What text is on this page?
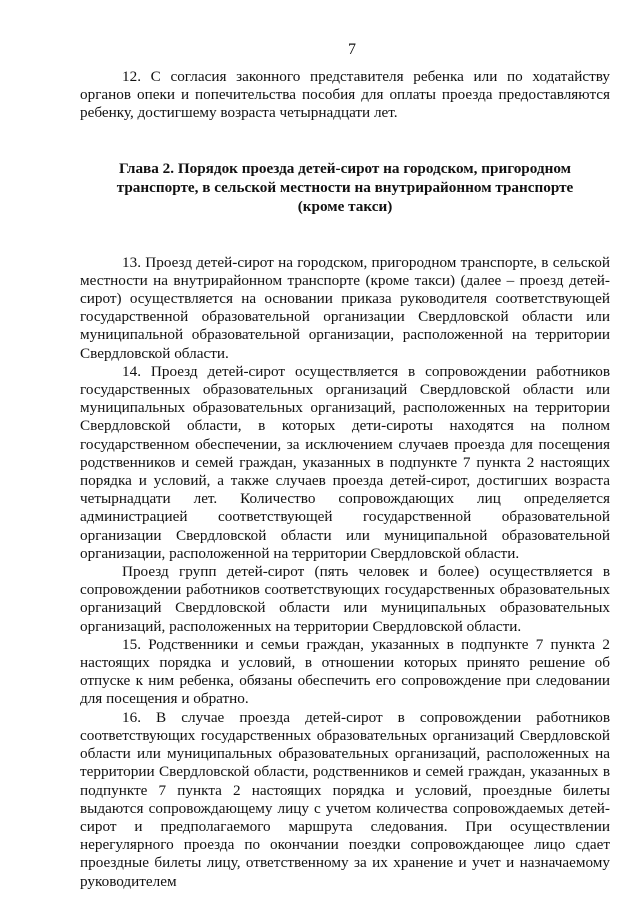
7

12. С согласия законного представителя ребенка или по ходатайству органов опеки и попечительства пособия для оплаты проезда предоставляются ребенку, достигшему возраста четырнадцати лет.

Глава 2. Порядок проезда детей-сирот на городском, пригородном транспорте, в сельской местности на внутрирайонном транспорте (кроме такси)

13. Проезд детей-сирот на городском, пригородном транспорте, в сельской местности на внутрирайонном транспорте (кроме такси) (далее – проезд детей-сирот) осуществляется на основании приказа руководителя соответствующей государственной образовательной организации Свердловской области или муниципальной образовательной организации, расположенной на территории Свердловской области.

14. Проезд детей-сирот осуществляется в сопровождении работников государственных образовательных организаций Свердловской области или муниципальных образовательных организаций, расположенных на территории Свердловской области, в которых дети-сироты находятся на полном государственном обеспечении, за исключением случаев проезда для посещения родственников и семей граждан, указанных в подпункте 7 пункта 2 настоящих порядка и условий, а также случаев проезда детей-сирот, достигших возраста четырнадцати лет. Количество сопровождающих лиц определяется администрацией соответствующей государственной образовательной организации Свердловской области или муниципальной образовательной организации, расположенной на территории Свердловской области.

Проезд групп детей-сирот (пять человек и более) осуществляется в сопровождении работников соответствующих государственных образовательных организаций Свердловской области или муниципальных образовательных организаций, расположенных на территории Свердловской области.

15. Родственники и семьи граждан, указанных в подпункте 7 пункта 2 настоящих порядка и условий, в отношении которых принято решение об отпуске к ним ребенка, обязаны обеспечить его сопровождение при следовании для посещения и обратно.

16. В случае проезда детей-сирот в сопровождении работников соответствующих государственных образовательных организаций Свердловской области или муниципальных образовательных организаций, расположенных на территории Свердловской области, родственников и семей граждан, указанных в подпункте 7 пункта 2 настоящих порядка и условий, проездные билеты выдаются сопровождающему лицу с учетом количества сопровождаемых детей-сирот и предполагаемого маршрута следования. При осуществлении нерегулярного проезда по окончании поездки сопровождающее лицо сдает проездные билеты лицу, ответственному за их хранение и учет и назначаемому руководителем
